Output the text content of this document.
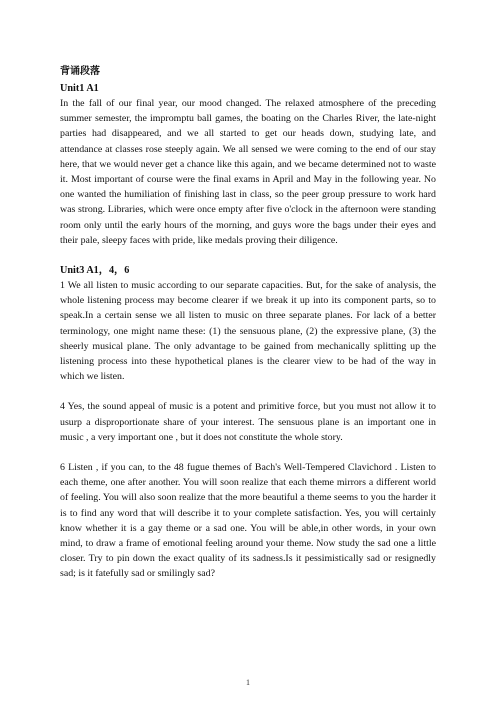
背诵段落
Unit1 A1

In the fall of our final year, our mood changed. The relaxed atmosphere of the preceding summer semester, the impromptu ball games, the boating on the Charles River, the late-night parties had disappeared, and we all started to get our heads down, studying late, and attendance at classes rose steeply again. We all sensed we were coming to the end of our stay here, that we would never get a chance like this again, and we became determined not to waste it. Most important of course were the final exams in April and May in the following year. No one wanted the humiliation of finishing last in class, so the peer group pressure to work hard was strong. Libraries, which were once empty after five o'clock in the afternoon were standing room only until the early hours of the morning, and guys wore the bags under their eyes and their pale, sleepy faces with pride, like medals proving their diligence.

Unit3 A1，4，6

1 We all listen to music according to our separate capacities. But, for the sake of analysis, the whole listening process may become clearer if we break it up into its component parts, so to speak.In a certain sense we all listen to music on three separate planes. For lack of a better terminology, one might name these: (1) the sensuous plane, (2) the expressive plane, (3) the sheerly musical plane. The only advantage to be gained from mechanically splitting up the listening process into these hypothetical planes is the clearer view to be had of the way in which we listen.

4 Yes, the sound appeal of music is a potent and primitive force, but you must not allow it to usurp a disproportionate share of your interest. The sensuous plane is an important one in music , a very important one , but it does not constitute the whole story.

6 Listen , if you can, to the 48 fugue themes of Bach's Well-Tempered Clavichord . Listen to each theme, one after another. You will soon realize that each theme mirrors a different world of feeling. You will also soon realize that the more beautiful a theme seems to you the harder it is to find any word that will describe it to your complete satisfaction. Yes, you will certainly know whether it is a gay theme or a sad one. You will be able,in other words, in your own mind, to draw a frame of emotional feeling around your theme. Now study the sad one a little closer. Try to pin down the exact quality of its sadness.Is it pessimistically sad or resignedly sad; is it fatefully sad or smilingly sad?

1
